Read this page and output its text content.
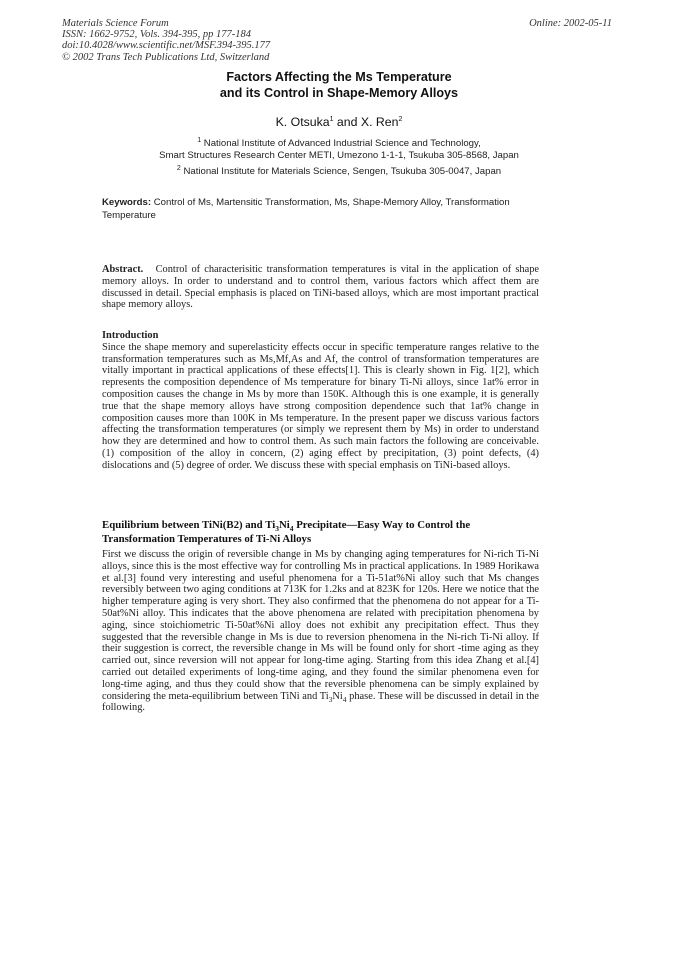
Materials Science Forum
ISSN: 1662-9752, Vols. 394-395, pp 177-184
doi:10.4028/www.scientific.net/MSF.394-395.177
© 2002 Trans Tech Publications Ltd, Switzerland
Online: 2002-05-11
Factors Affecting the Ms Temperature
and its Control in Shape-Memory Alloys
K. Otsuka$^1$ and X. Ren$^2$
$^1$ National Institute of Advanced Industrial Science and Technology,
Smart Structures Research Center METI, Umezono 1-1-1, Tsukuba 305-8568, Japan
$^2$ National Institute for Materials Science, Sengen, Tsukuba 305-0047, Japan
Keywords: Control of Ms, Martensitic Transformation, Ms, Shape-Memory Alloy, Transformation Temperature
Abstract. Control of characterisitic transformation temperatures is vital in the application of shape memory alloys. In order to understand and to control them, various factors which affect them are discussed in detail. Special emphasis is placed on TiNi-based alloys, which are most important practical shape memory alloys.
Introduction
Since the shape memory and superelasticity effects occur in specific temperature ranges relative to the transformation temperatures such as Ms,Mf,As and Af, the control of transformation temperatures are vitally important in practical applications of these effects[1]. This is clearly shown in Fig. 1[2], which represents the composition dependence of Ms temperature for binary Ti-Ni alloys, since 1at% error in composition causes the change in Ms by more than 150K. Although this is one example, it is generally true that the shape memory alloys have strong composition dependence such that 1at% change in composition causes more than 100K in Ms temperature. In the present paper we discuss various factors affecting the transformation temperatures (or simply we represent them by Ms) in order to understand how they are determined and how to control them. As such main factors the following are conceivable.(1) composition of the alloy in concern, (2) aging effect by precipitation, (3) point defects, (4) dislocations and (5) degree of order. We discuss these with special emphasis on TiNi-based alloys.
Equilibrium between TiNi(B2) and $Ti_3Ni_4$ Precipitate—Easy Way to Control the Transformation Temperatures of Ti-Ni Alloys
First we discuss the origin of reversible change in Ms by changing aging temperatures for Ni-rich Ti-Ni alloys, since this is the most effective way for controlling Ms in practical applications. In 1989 Horikawa et al.[3] found very interesting and useful phenomena for a Ti-51at%Ni alloy such that Ms changes reversibly between two aging conditions at 713K for 1.2ks and at 823K for 120s. Here we notice that the higher temperature aging is very short. They also confirmed that the phenomena do not appear for a Ti-50at%Ni alloy. This indicates that the above phenomena are related with precipitation phenomena by aging, since stoichiometric Ti-50at%Ni alloy does not exhibit any precipitation effect. Thus they suggested that the reversible change in Ms is due to reversion phenomena in the Ni-rich Ti-Ni alloy. If their suggestion is correct, the reversible change in Ms will be found only for short -time aging as they carried out, since reversion will not appear for long-time aging. Starting from this idea Zhang et al.[4] carried out detailed experiments of long-time aging, and they found the similar phenomena even for long-time aging, and thus they could show that the reversible phenomena can be simply explained by considering the meta-equilibrium between TiNi and $Ti_3Ni_4$ phase. These will be discussed in detail in the following.
